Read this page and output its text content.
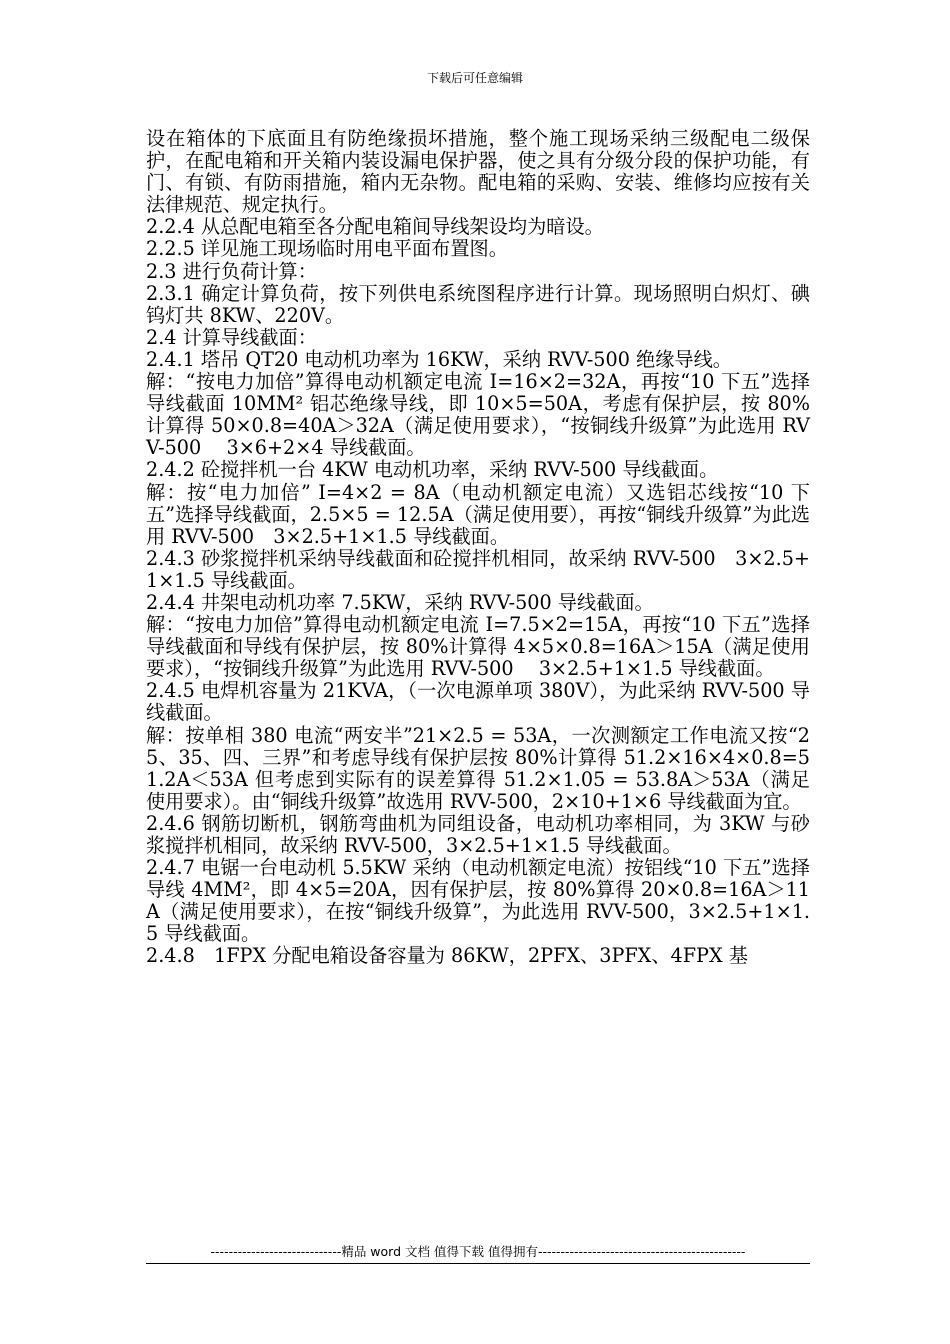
下载后可任意编辑

设在箱体的下底面且有防绝缘损坏措施，整个施工现场采纳三级配电二级保护，在配电箱和开关箱内装设漏电保护器，使之具有分级分段的保护功能，有门、有锁、有防雨措施，箱内无杂物。配电箱的采购、安装、维修均应按有关法律规范、规定执行。

2.2.4 从总配电箱至各分配电箱间导线架设均为暗设。

2.2.5 详见施工现场临时用电平面布置图。

2.3 进行负荷计算：

2.3.1 确定计算负荷，按下列供电系统图程序进行计算。现场照明白炽灯、碘钨灯共 8KW、220V。

2.4 计算导线截面：

2.4.1 塔吊 QT20 电动机功率为 16KW，采纳 RVV-500 绝缘导线。

解：“按电力加倍”算得电动机额定电流 I=16×2=32A，再按“10 下五”选择导线截面 10MM² 铝芯绝缘导线，即 10×5=50A，考虑有保护层，按 80%计算得 50×0.8=40A＞32A（满足使用要求），“按铜线升级算”为此选用 RVV-500　 3×6+2×4 导线截面。

2.4.2 砼搅拌机一台 4KW 电动机功率，采纳 RVV-500 导线截面。

解：按“电力加倍” I=4×2 = 8A（电动机额定电流）又选铝芯线按“10 下五”选择导线截面，2.5×5 = 12.5A（满足使用要），再按“铜线升级算”为此选用 RVV-500　3×2.5+1×1.5 导线截面。

2.4.3 砂浆搅拌机采纳导线截面和砼搅拌机相同，故采纳 RVV-500　3×2.5+1×1.5 导线截面。

2.4.4 井架电动机功率 7.5KW，采纳 RVV-500 导线截面。

解：“按电力加倍”算得电动机额定电流 I=7.5×2=15A，再按“10 下五”选择导线截面和导线有保护层，按 80%计算得 4×5×0.8=16A＞15A（满足使用要求），“按铜线升级算”为此选用 RVV-500　 3×2.5+1×1.5 导线截面。

2.4.5 电焊机容量为 21KVA，（一次电源单项 380V），为此采纳 RVV-500 导线截面。

解：按单相 380 电流“两安半”21×2.5 = 53A，一次测额定工作电流又按“25、35、四、三界”和考虑导线有保护层按 80%计算得 51.2×16×4×0.8=51.2A＜53A 但考虑到实际有的误差算得 51.2×1.05 = 53.8A＞53A（满足使用要求）。由“铜线升级算”故选用 RVV-500，2×10+1×6 导线截面为宜。

2.4.6 钢筋切断机，钢筋弯曲机为同组设备，电动机功率相同，为 3KW 与砂浆搅拌机相同，故采纳 RVV-500，3×2.5+1×1.5 导线截面。

2.4.7 电锯一台电动机 5.5KW 采纳（电动机额定电流）按铝线“10 下五”选择导线 4MM²，即 4×5=20A，因有保护层，按 80%算得 20×0.8=16A＞11A（满足使用要求），在按“铜线升级算”，为此选用 RVV-500，3×2.5+1×1.5 导线截面。

2.4.8　1FPX 分配电箱设备容量为 86KW，2PFX、3PFX、4FPX 基

-----------------------------精品 word 文档 值得下载 值得拥有----------------------------------------------
